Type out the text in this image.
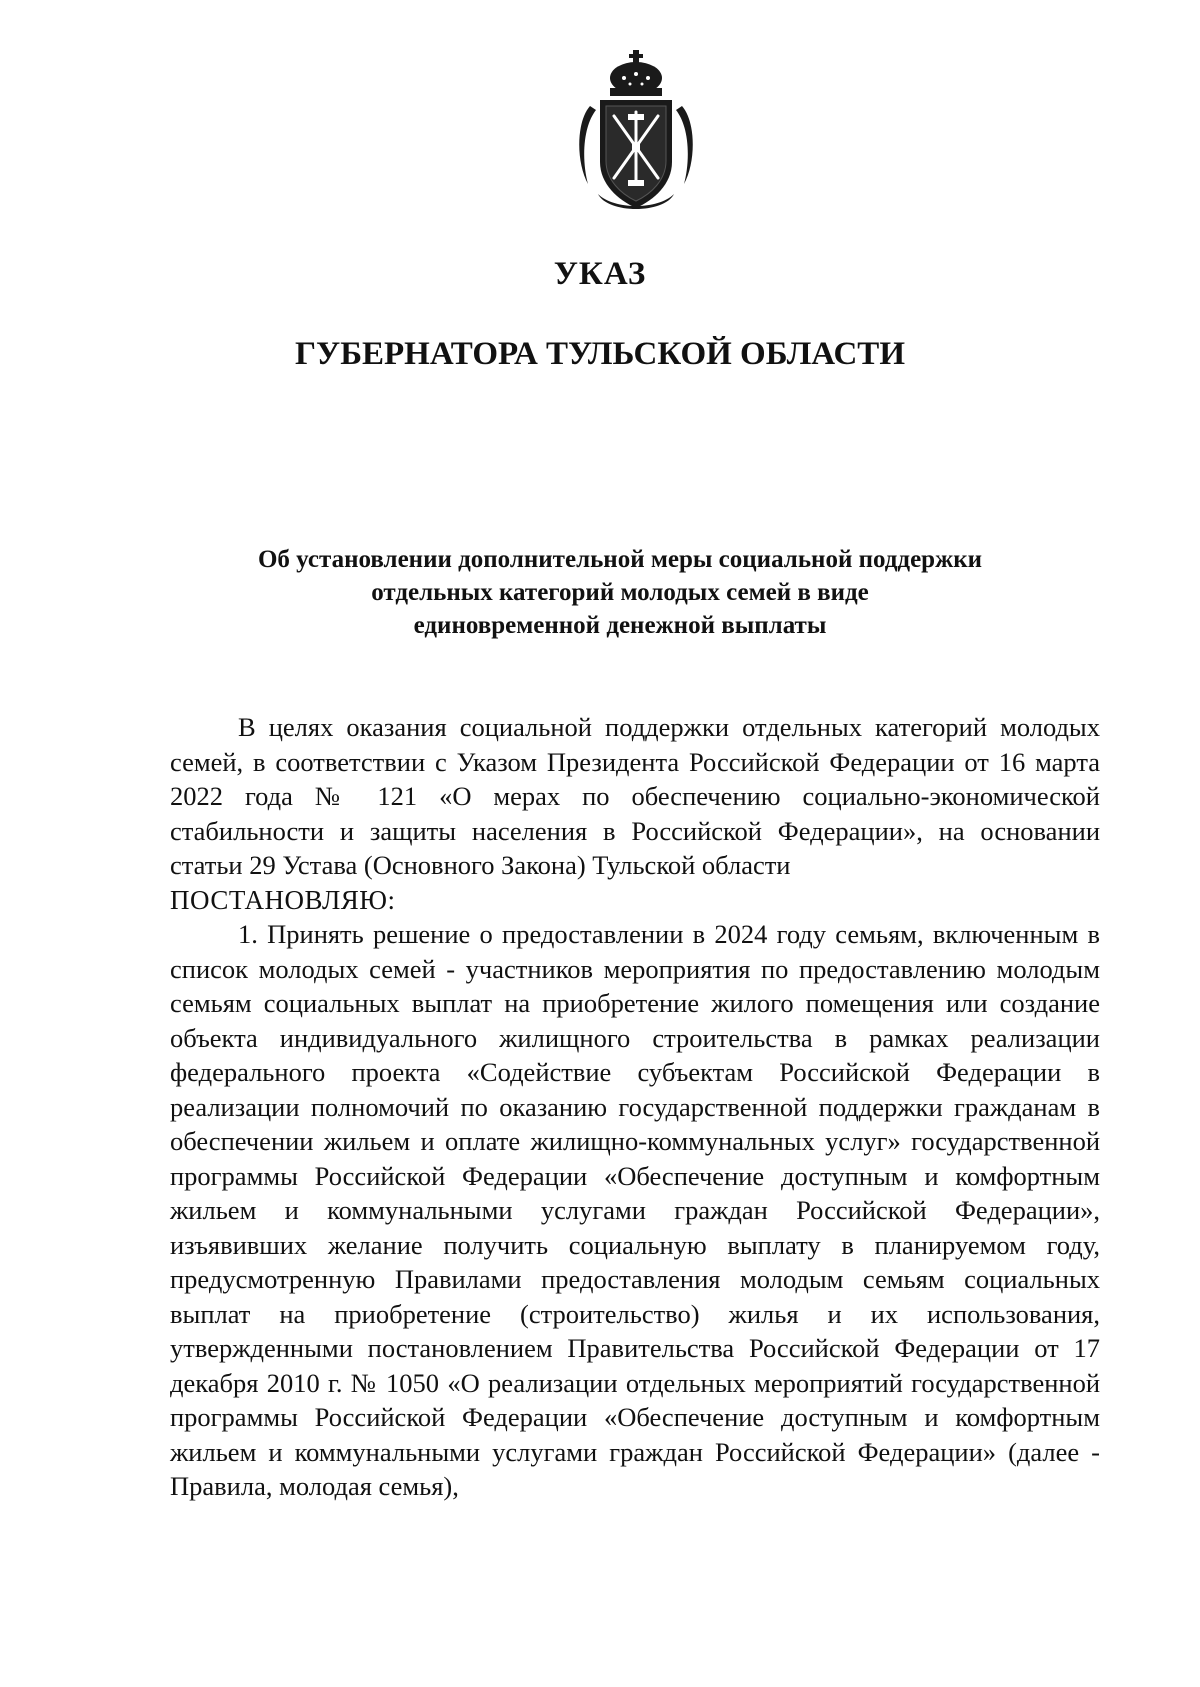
УКАЗ
ГУБЕРНАТОРА ТУЛЬСКОЙ ОБЛАСТИ
Об установлении дополнительной меры социальной поддержки
отдельных категорий молодых семей в виде
единовременной денежной выплаты

В целях оказания социальной поддержки отдельных категорий молодых семей, в соответствии с Указом Президента Российской Федерации от 16 марта 2022 года № 121 «О мерах по обеспечению социально-экономической стабильности и защиты населения в Российской Федерации», на основании статьи 29 Устава (Основного Закона) Тульской области
ПОСТАНОВЛЯЮ:

1. Принять решение о предоставлении в 2024 году семьям, включенным в список молодых семей - участников мероприятия по предоставлению молодым семьям социальных выплат на приобретение жилого помещения или создание объекта индивидуального жилищного строительства в рамках реализации федерального проекта «Содействие субъектам Российской Федерации в реализации полномочий по оказанию государственной поддержки гражданам в обеспечении жильем и оплате жилищно-коммунальных услуг» государственной программы Российской Федерации «Обеспечение доступным и комфортным жильем и коммунальными услугами граждан Российской Федерации», изъявивших желание получить социальную выплату в планируемом году, предусмотренную Правилами предоставления молодым семьям социальных выплат на приобретение (строительство) жилья и их использования, утвержденными постановлением Правительства Российской Федерации от 17 декабря 2010 г. № 1050 «О реализации отдельных мероприятий государственной программы Российской Федерации «Обеспечение доступным и комфортным жильем и коммунальными услугами граждан Российской Федерации» (далее - Правила, молодая семья),
